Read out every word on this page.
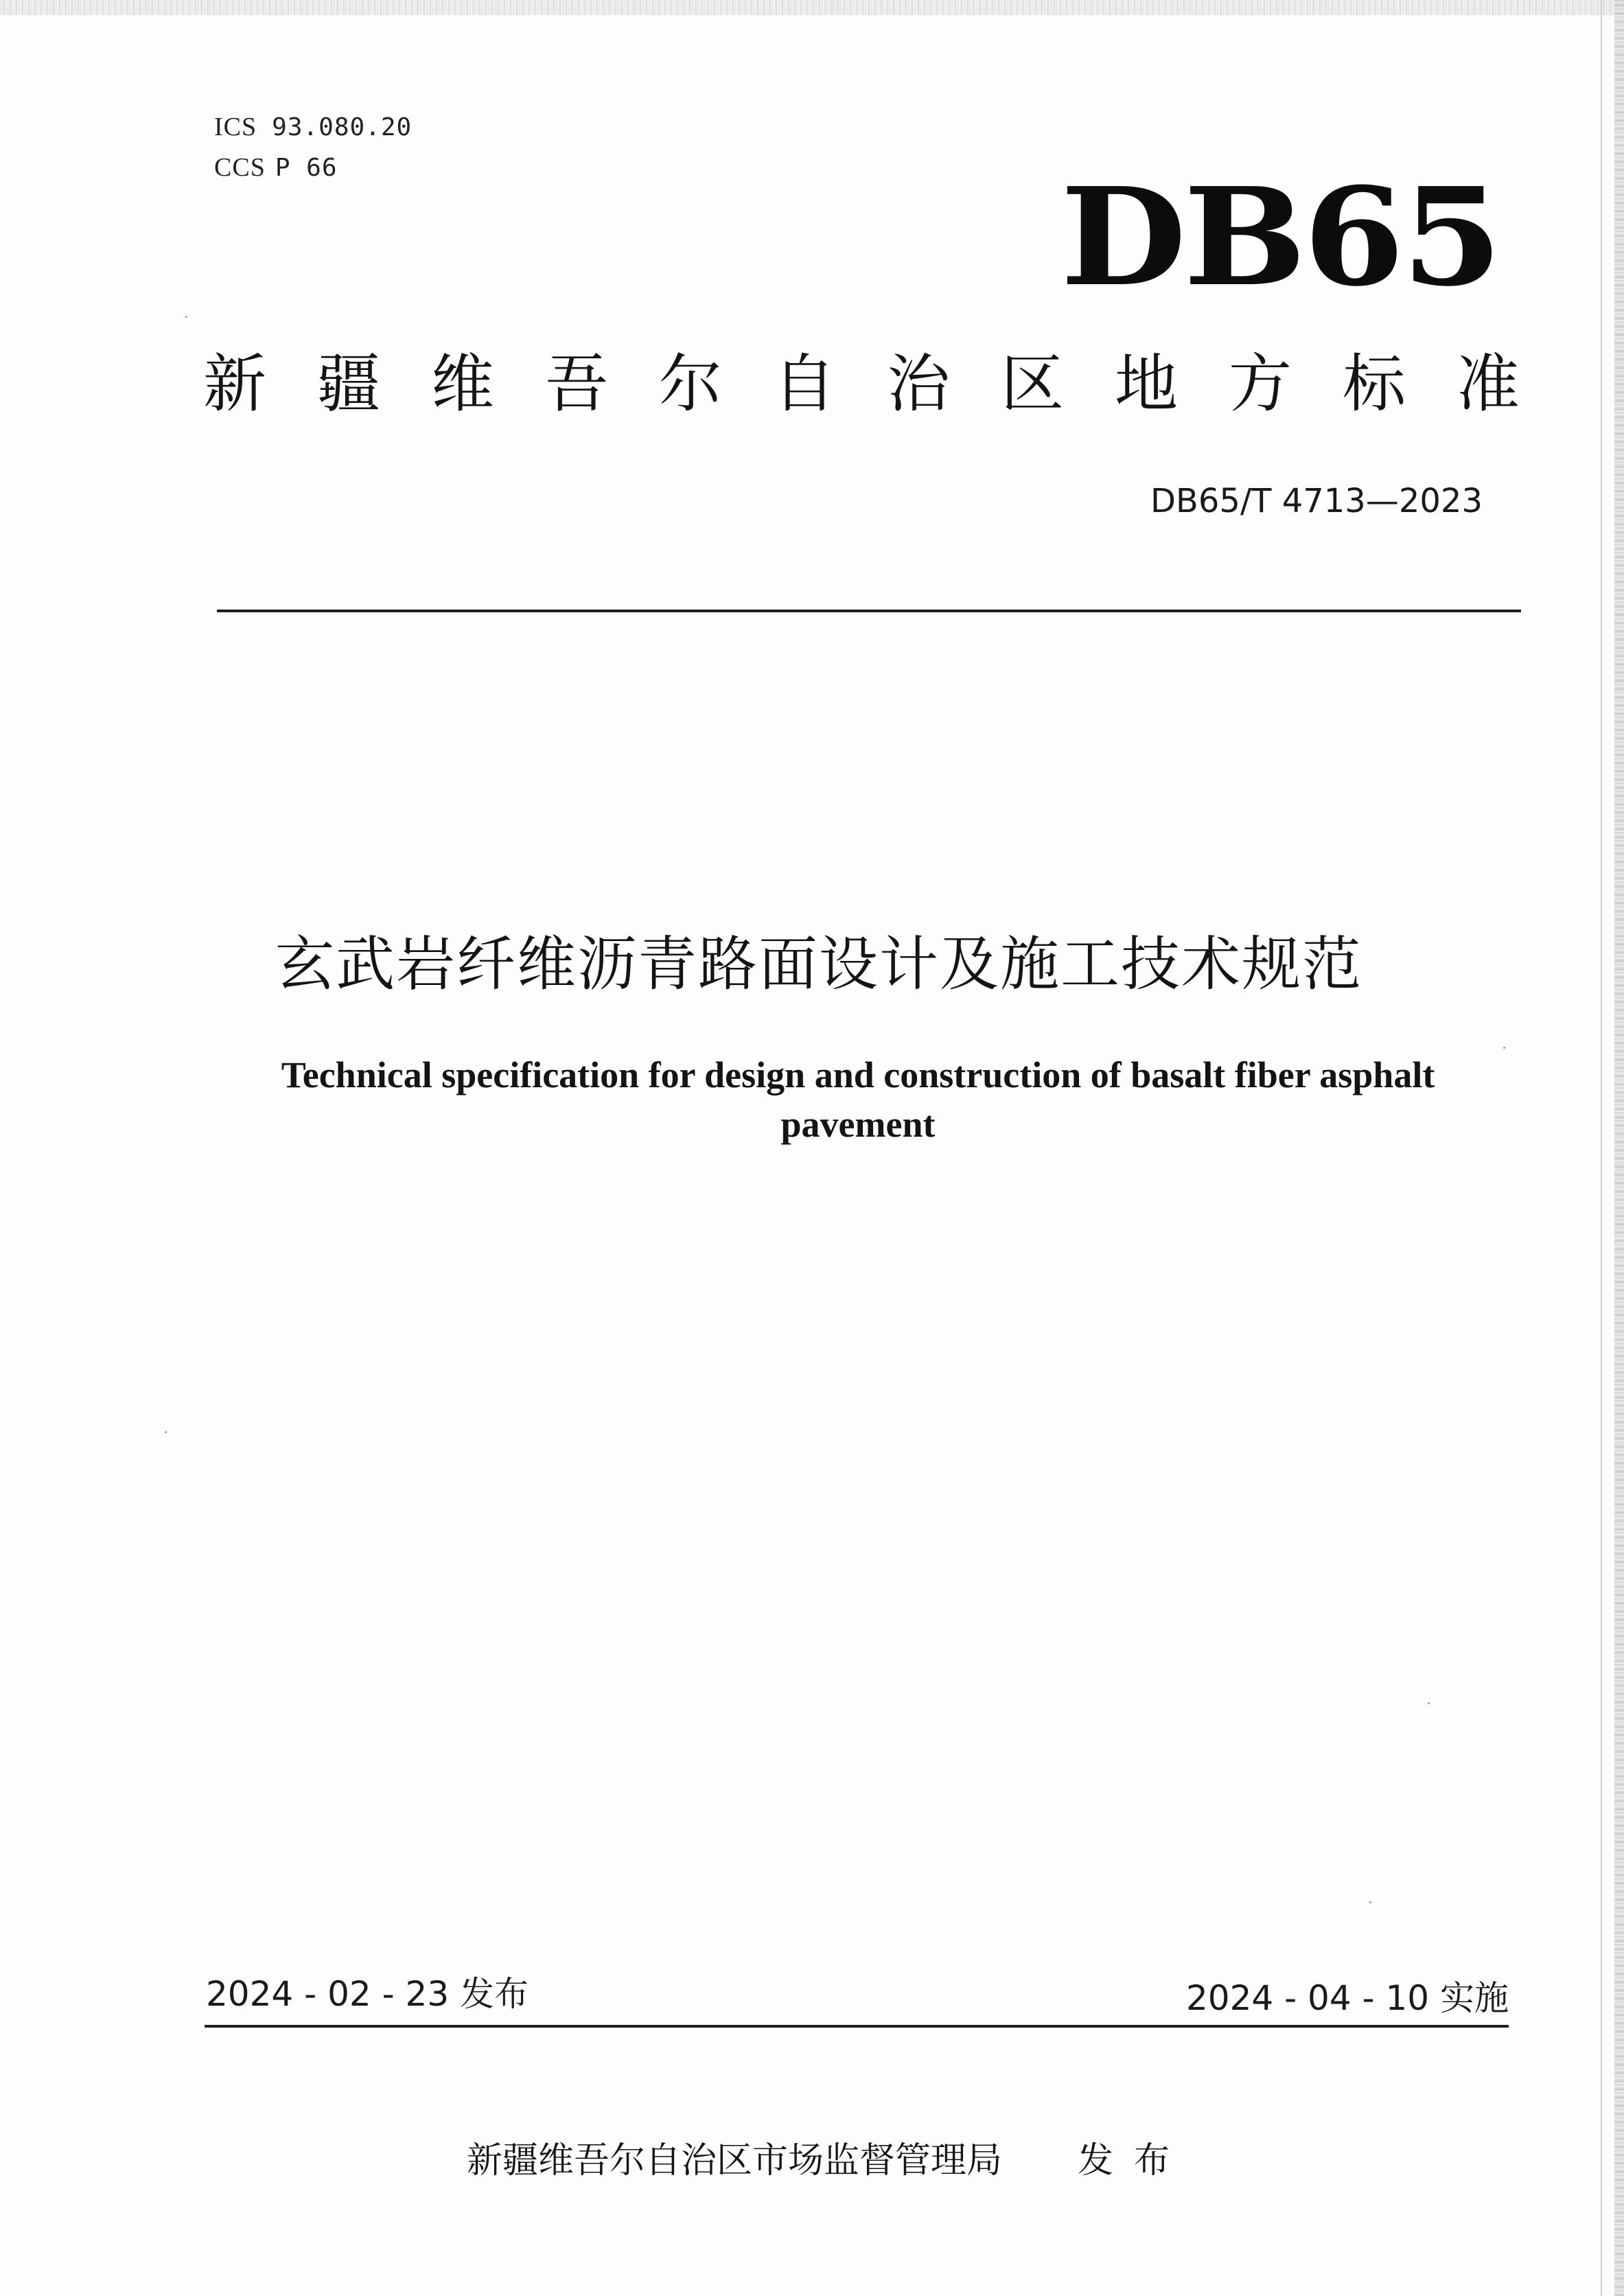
ICS 93.080.20
CCS P 66	DB65
新疆维吾尔自治区地方标准
DB65/T 4713—2023
玄武岩纤维沥青路面设计及施工技术规范
Technical specification for design and construction of basalt fiber asphalt
pavement
2024 - 02 - 23 发布	2024 - 04 - 10 实施
新疆维吾尔自治区市场监督管理局 发布
